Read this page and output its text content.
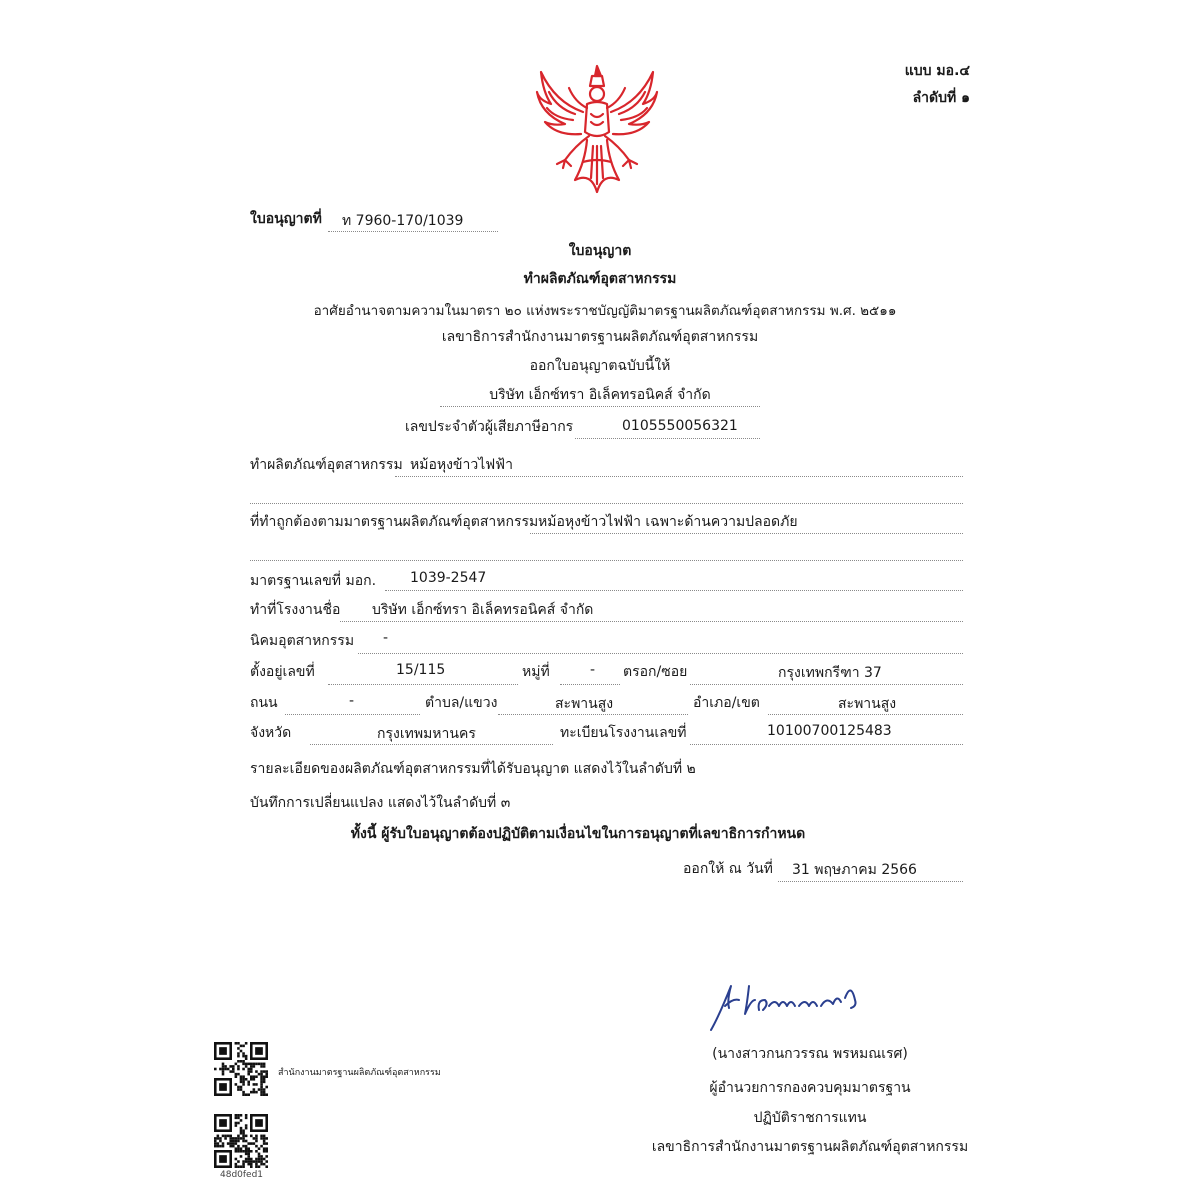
แบบ มอ.๔
ลำดับที่ ๑
ใบอนุญาตที่ ท 7960-170/1039
ใบอนุญาต
ทำผลิตภัณฑ์อุตสาหกรรม
อาศัยอำนาจตามความในมาตรา ๒๐ แห่งพระราชบัญญัติมาตรฐานผลิตภัณฑ์อุตสาหกรรม พ.ศ. ๒๕๑๑
เลขาธิการสำนักงานมาตรฐานผลิตภัณฑ์อุตสาหกรรม
ออกใบอนุญาตฉบับนี้ให้
บริษัท เอ็กซ์ทรา อิเล็คทรอนิคส์ จำกัด
เลขประจำตัวผู้เสียภาษีอากร	0105550056321
ทำผลิตภัณฑ์อุตสาหกรรม หม้อหุงข้าวไฟฟ้า
ที่ทำถูกต้องตามมาตรฐานผลิตภัณฑ์อุตสาหกรรม หม้อหุงข้าวไฟฟ้า เฉพาะด้านความปลอดภัย
มาตรฐานเลขที่ มอก. 1039-2547
ทำที่โรงงานชื่อ บริษัท เอ็กซ์ทรา อิเล็คทรอนิคส์ จำกัด
นิคมอุตสาหกรรม -
ตั้งอยู่เลขที่	15/115	หมู่ที่	- ตรอก/ซอย	กรุงเทพกรีฑา 37
ถนน	-	ตำบล/แขวง	สะพานสูง	อำเภอ/เขต	สะพานสูง
จังหวัด	กรุงเทพมหานคร	ทะเบียนโรงงานเลขที่	10100700125483
รายละเอียดของผลิตภัณฑ์อุตสาหกรรมที่ได้รับอนุญาต แสดงไว้ในลำดับที่ ๒
บันทึกการเปลี่ยนแปลง แสดงไว้ในลำดับที่ ๓
ทั้งนี้ ผู้รับใบอนุญาตต้องปฏิบัติตามเงื่อนไขในการอนุญาตที่เลขาธิการกำหนด
ออกให้ ณ วันที่ 31 พฤษภาคม 2566
(นางสาวกนกวรรณ พรหมณเรศ)
ผู้อำนวยการกองควบคุมมาตรฐาน
ปฏิบัติราชการแทน
เลขาธิการสำนักงานมาตรฐานผลิตภัณฑ์อุตสาหกรรม
สำนักงานมาตรฐานผลิตภัณฑ์อุตสาหกรรม
48d0fed1
